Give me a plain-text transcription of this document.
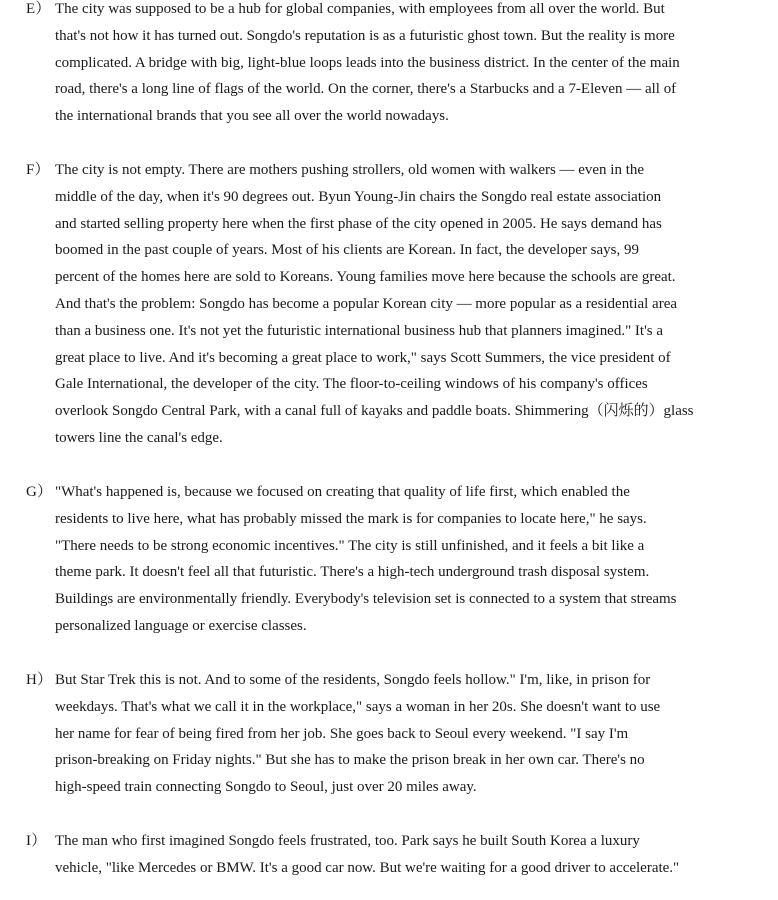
E） The city was supposed to be a hub for global companies, with employees from all over the world. But
that's not how it has turned out. Songdo's reputation is as a futuristic ghost town. But the reality is more
complicated. A bridge with big, light-blue loops leads into the business district. In the center of the main
road, there's a long line of flags of the world. On the corner, there's a Starbucks and a 7-Eleven — all of
the international brands that you see all over the world nowadays.
F） The city is not empty. There are mothers pushing strollers, old women with walkers — even in the
middle of the day, when it's 90 degrees out. Byun Young-Jin chairs the Songdo real estate association
and started selling property here when the first phase of the city opened in 2005. He says demand has
boomed in the past couple of years. Most of his clients are Korean. In fact, the developer says, 99
percent of the homes here are sold to Koreans. Young families move here because the schools are great.
And that's the problem: Songdo has become a popular Korean city — more popular as a residential area
than a business one. It's not yet the futuristic international business hub that planners imagined." It's a
great place to live. And it's becoming a great place to work," says Scott Summers, the vice president of
Gale International, the developer of the city. The floor-to-ceiling windows of his company's offices
overlook Songdo Central Park, with a canal full of kayaks and paddle boats. Shimmering（闪烁的）glass
towers line the canal's edge.
G） "What's happened is, because we focused on creating that quality of life first, which enabled the
residents to live here, what has probably missed the mark is for companies to locate here," he says.
"There needs to be strong economic incentives." The city is still unfinished, and it feels a bit like a
theme park. It doesn't feel all that futuristic. There's a high-tech underground trash disposal system.
Buildings are environmentally friendly. Everybody's television set is connected to a system that streams
personalized language or exercise classes.
H） But Star Trek this is not. And to some of the residents, Songdo feels hollow." I'm, like, in prison for
weekdays. That's what we call it in the workplace," says a woman in her 20s. She doesn't want to use
her name for fear of being fired from her job. She goes back to Seoul every weekend. "I say I'm
prison-breaking on Friday nights." But she has to make the prison break in her own car. There's no
high-speed train connecting Songdo to Seoul, just over 20 miles away.
I） The man who first imagined Songdo feels frustrated, too. Park says he built South Korea a luxury
vehicle, "like Mercedes or BMW. It's a good car now. But we're waiting for a good driver to accelerate."
